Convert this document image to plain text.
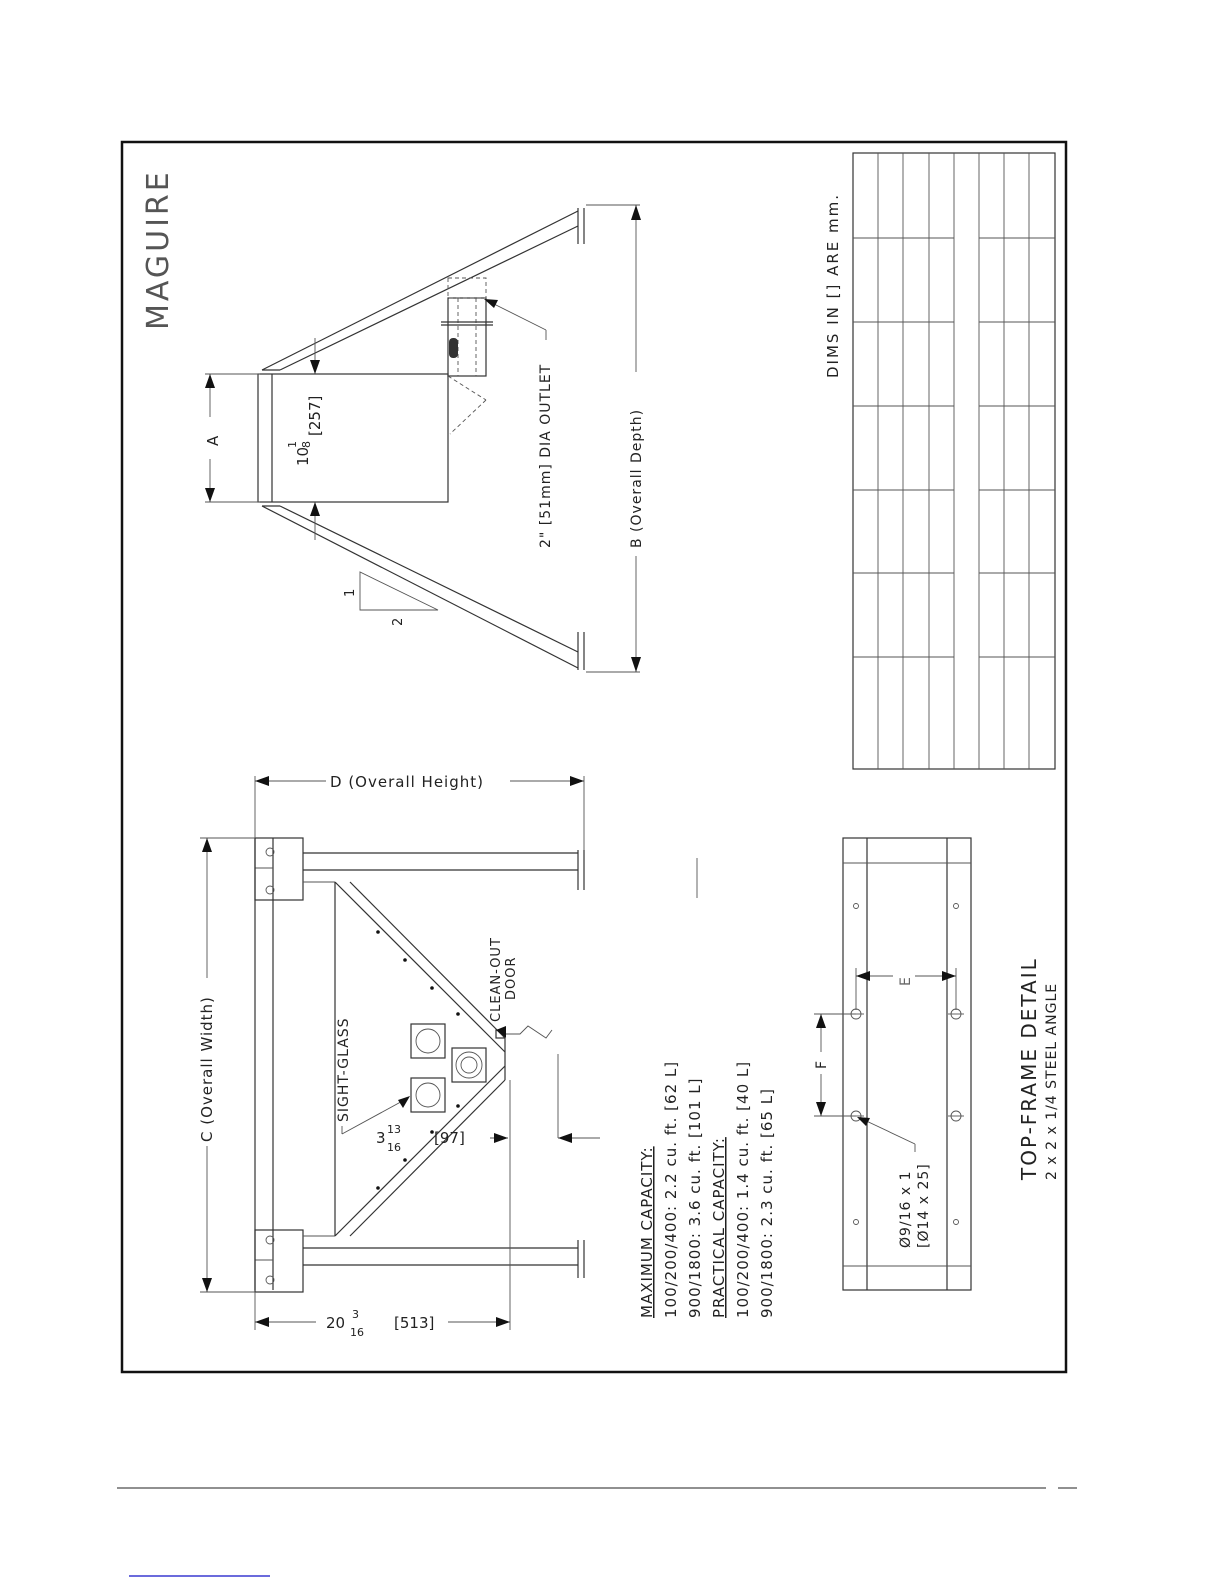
DIMS IN [] ARE mm.
MAGUIRE
A
10
1 8
[257]	2" [51mm] DIA OUTLET	B (Overall Depth)
1
2
C (Overall Width)
D (Overall Height)
SIGHT-GLASS
CLEAN-OUT DOOR
3 13
16
[97]
20 3
16
[513]
MAXIMUM CAPACITY: 100/200/400: 2.2 cu. ft. [62 L] 900/1800: 3.6 cu. ft. [101 L] PRACTICAL CAPACITY: 100/200/400: 1.4 cu. ft. [40 L] 900/1800: 2.3 cu. ft. [65 L]
E
F
Ø9/16 x 1 [Ø14 x 25]
TOP-FRAME DETAIL 2 x 2 x 1/4 STEEL ANGLE
